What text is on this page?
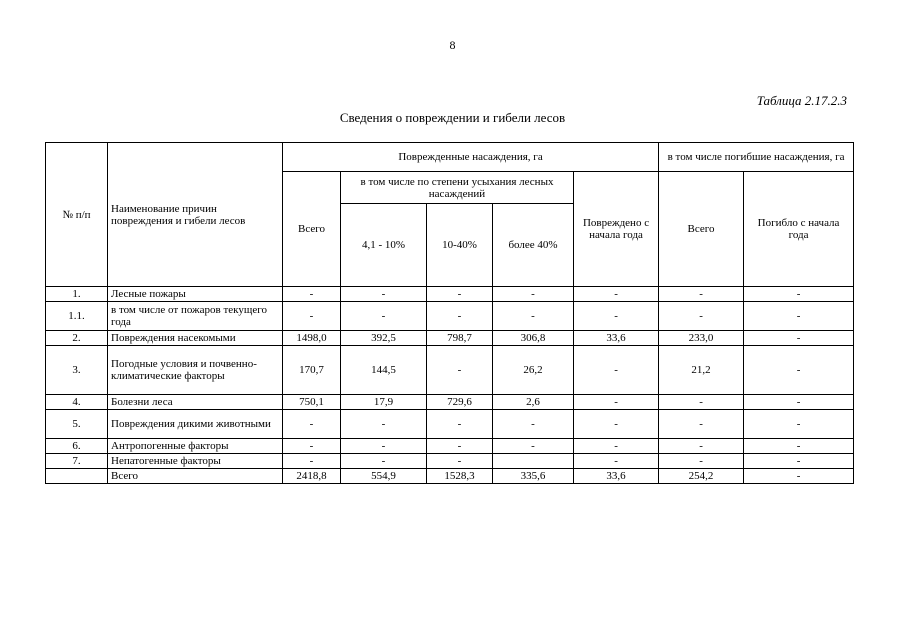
8
Таблица 2.17.2.3
Сведения о повреждении и гибели лесов
№ п/п	Наименование причин повреждения и гибели лесов	Поврежденные насаждения, га					в том числе погибшие насаждения, га	
		Всего	в том числе по степени усыхания лесных насаждений			Повреждено с начала года	Всего	Погибло с начала года
			4,1 - 10%	10-40%	более 40%			
1.	Лесные пожары	-	-	-	-	-	-	-
1.1.	в том числе от пожаров текущего года	-	-	-	-	-	-	-
2.	Повреждения насекомыми	1498,0	392,5	798,7	306,8	33,6	233,0	-
3.	Погодные условия и почвенно-климатические факторы	170,7	144,5	-	26,2	-	21,2	-
4.	Болезни леса	750,1	17,9	729,6	2,6	-	-	-
5.	Повреждения дикими животными	-	-	-	-	-	-	-
6.	Антропогенные факторы	-	-	-	-	-	-	-
7.	Непатогенные факторы	-	-	-		-	-	-
	Всего	2418,8	554,9	1528,3	335,6	33,6	254,2	-
